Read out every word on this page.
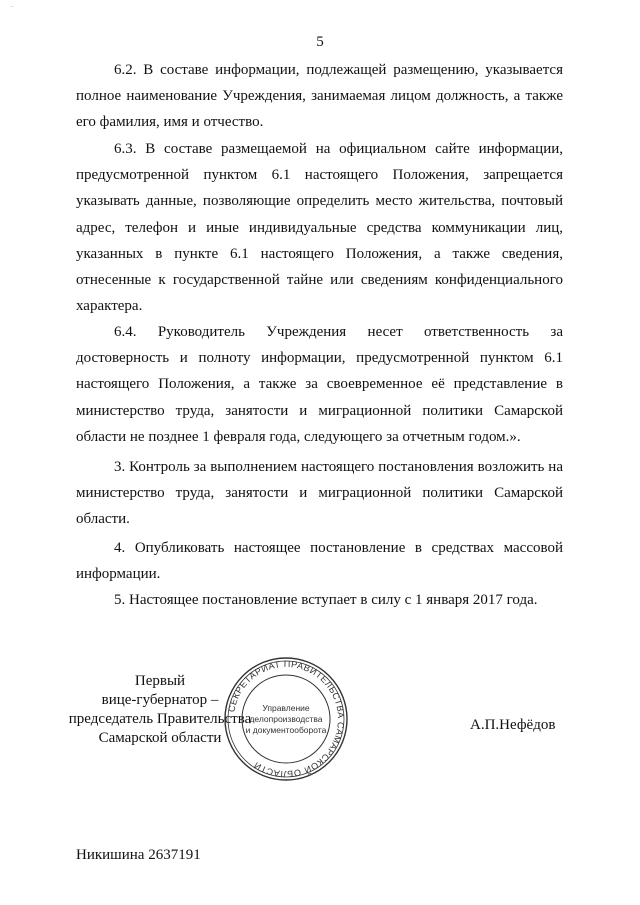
⁻
5

6.2. В составе информации, подлежащей размещению, указывается полное наименование Учреждения, занимаемая лицом должность, а также его фамилия, имя и отчество.

6.3. В составе размещаемой на официальном сайте информации, предусмотренной пунктом 6.1 настоящего Положения, запрещается указывать данные, позволяющие определить место жительства, почтовый адрес, телефон и иные индивидуальные средства коммуникации лиц, указанных в пункте 6.1 настоящего Положения, а также сведения, отнесенные к государственной тайне или сведениям конфиденциального характера.

6.4. Руководитель Учреждения несет ответственность за достоверность и полноту информации, предусмотренной пунктом 6.1 настоящего Положения, а также за своевременное её представление в министерство труда, занятости и миграционной политики Самарской области не позднее 1 февраля года, следующего за отчетным годом.».

3. Контроль за выполнением настоящего постановления возложить на министерство труда, занятости и миграционной политики Самарской области.

4. Опубликовать настоящее постановление в средствах массовой информации.

5. Настоящее постановление вступает в силу с 1 января 2017 года.

Первый
вице-губернатор –
председатель Правительства
Самарской области
СЕКРЕТАРИАТ ПРАВИТЕЛЬСТВА САМАРСКОЙ ОБЛАСТИ
Управление
делопроизводства
и документооборота	А.П.Нефёдов
Никишина 2637191
